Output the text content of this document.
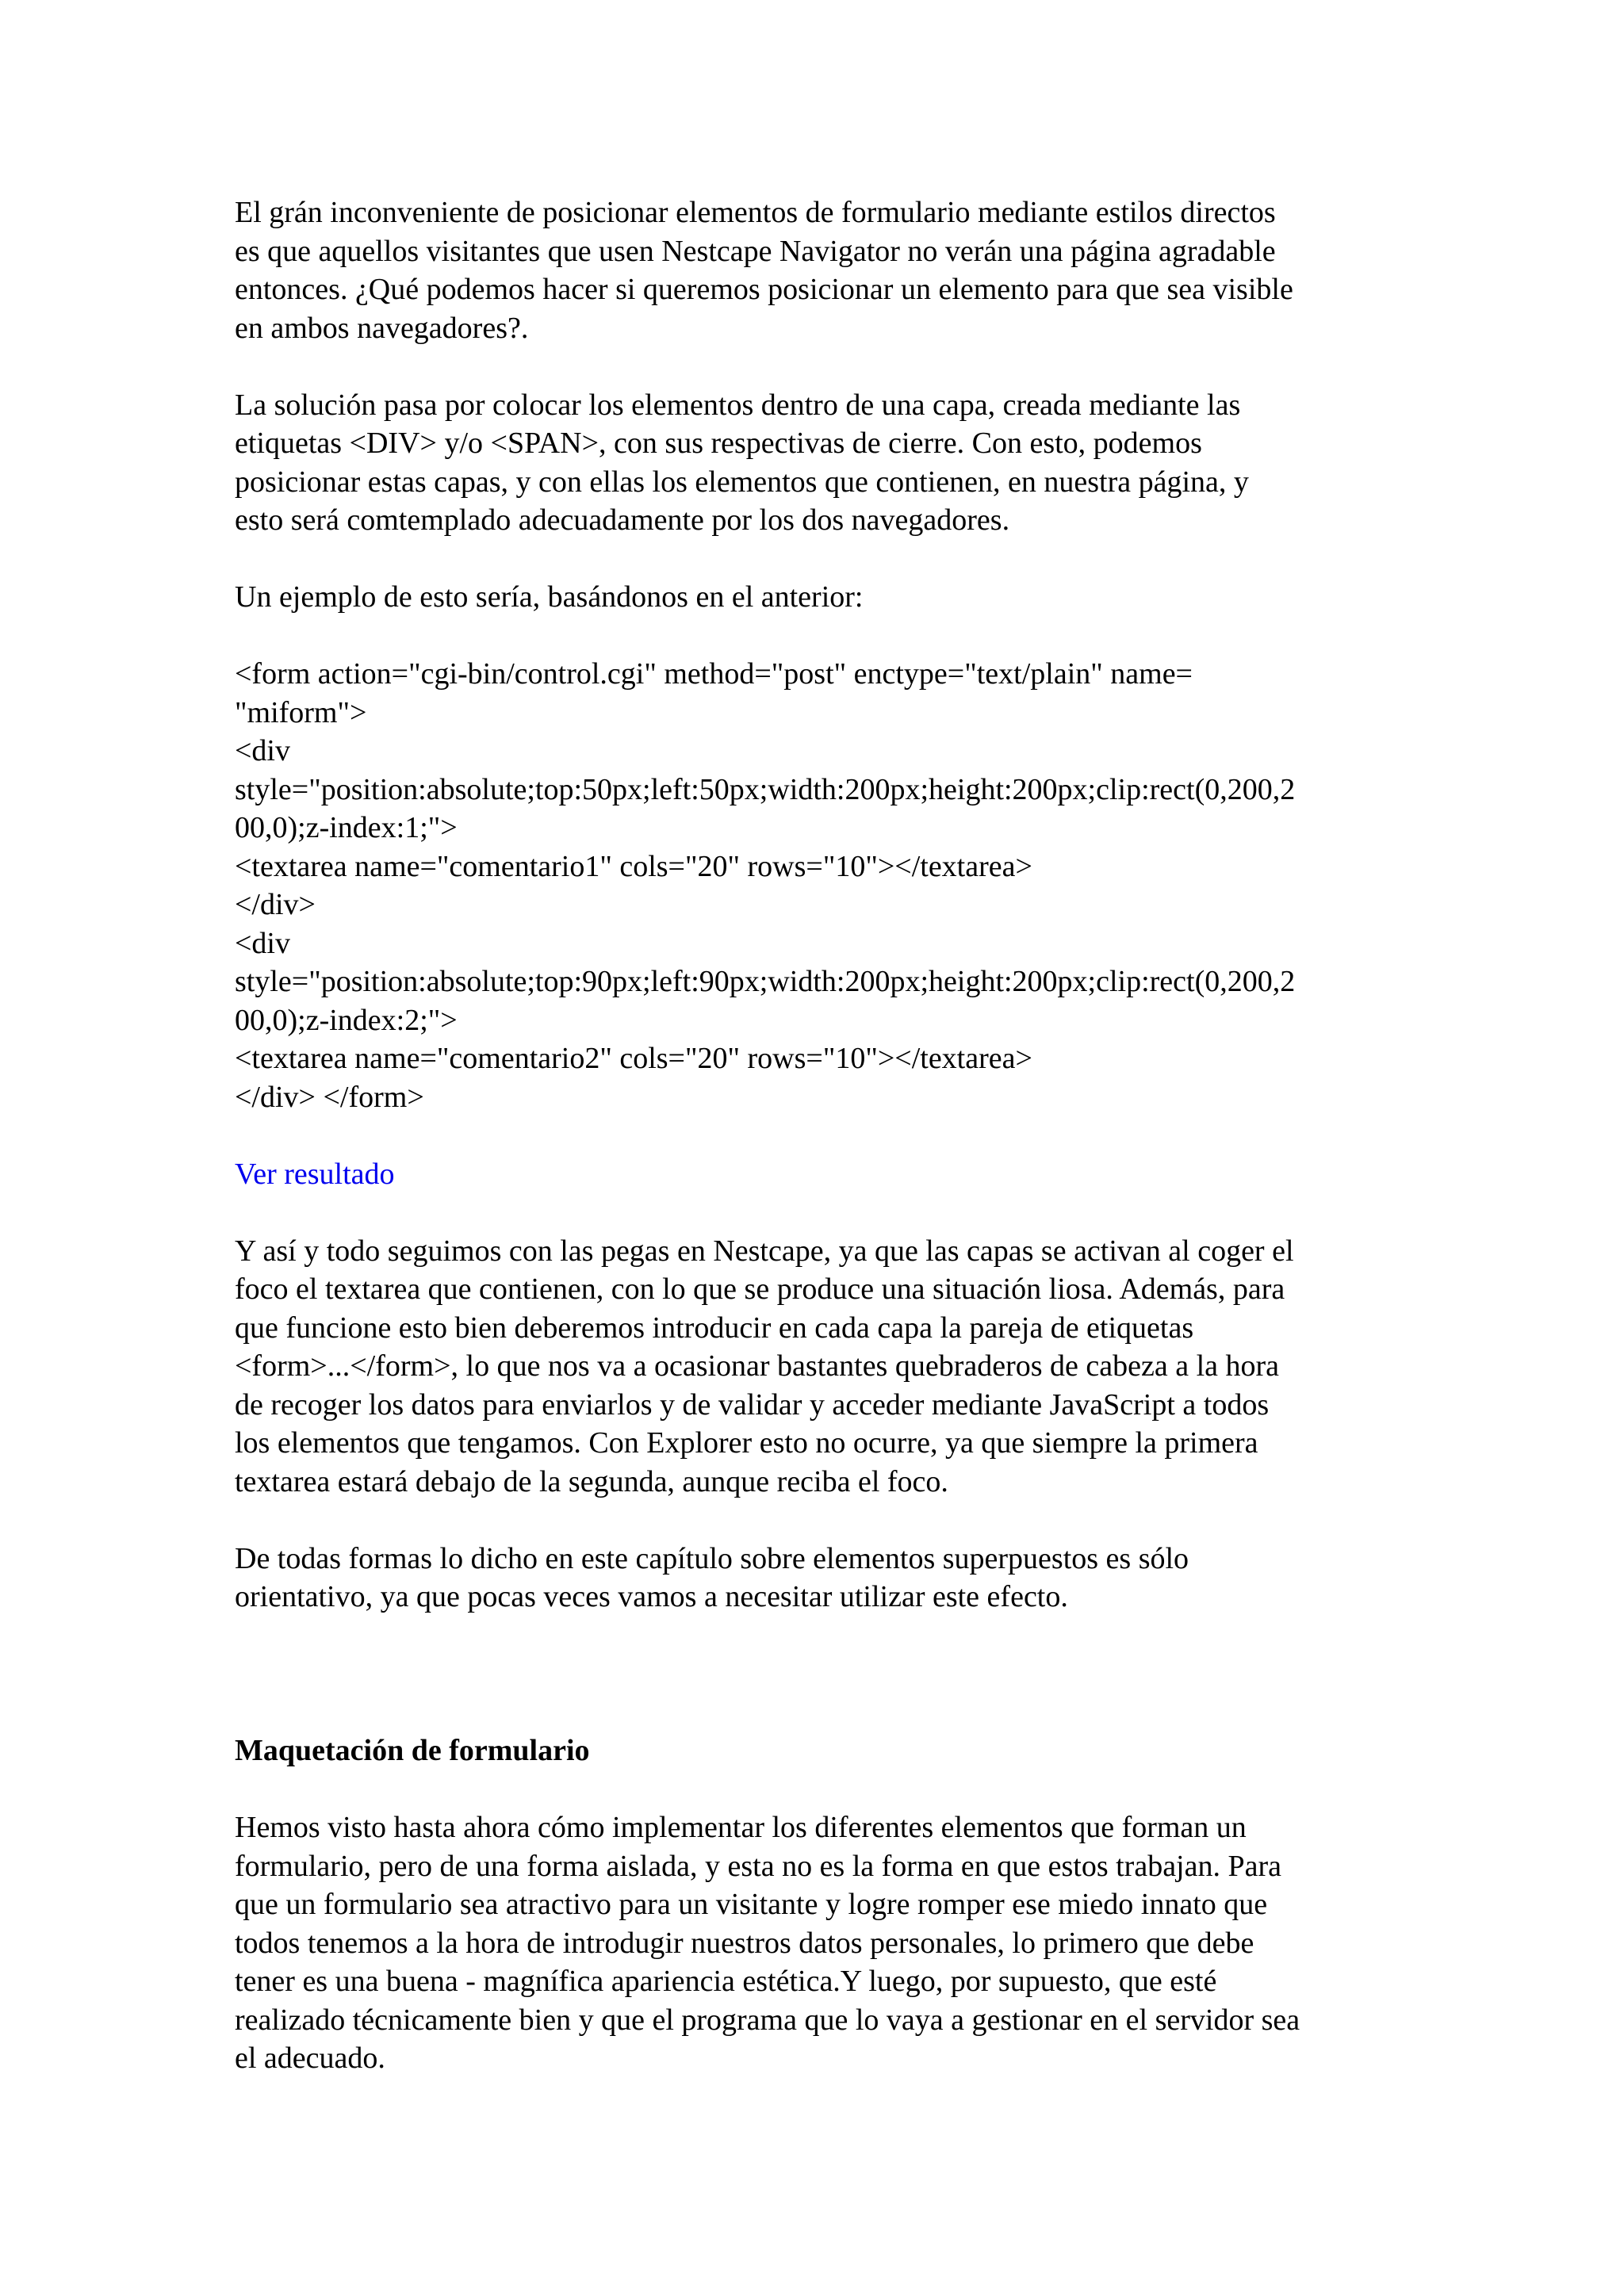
El grán inconveniente de posicionar elementos de formulario mediante estilos directos
es que aquellos visitantes que usen Nestcape Navigator no verán una página agradable
entonces. ¿Qué podemos hacer si queremos posicionar un elemento para que sea visible
en ambos navegadores?.

La solución pasa por colocar los elementos dentro de una capa, creada mediante las
etiquetas <DIV> y/o <SPAN>, con sus respectivas de cierre. Con esto, podemos
posicionar estas capas, y con ellas los elementos que contienen, en nuestra página, y
esto será comtemplado adecuadamente por los dos navegadores.

Un ejemplo de esto sería, basándonos en el anterior:

<form action="cgi-bin/control.cgi" method="post" enctype="text/plain" name=
"miform">
<div
style="position:absolute;top:50px;left:50px;width:200px;height:200px;clip:rect(0,200,2
00,0);z-index:1;">
<textarea name="comentario1" cols="20" rows="10"></textarea>
</div>
<div
style="position:absolute;top:90px;left:90px;width:200px;height:200px;clip:rect(0,200,2
00,0);z-index:2;">
<textarea name="comentario2" cols="20" rows="10"></textarea>
</div> </form>
Ver resultado

Y así y todo seguimos con las pegas en Nestcape, ya que las capas se activan al coger el
foco el textarea que contienen, con lo que se produce una situación liosa. Además, para
que funcione esto bien deberemos introducir en cada capa la pareja de etiquetas
<form>...</form>, lo que nos va a ocasionar bastantes quebraderos de cabeza a la hora
de recoger los datos para enviarlos y de validar y acceder mediante JavaScript a todos
los elementos que tengamos. Con Explorer esto no ocurre, ya que siempre la primera
textarea estará debajo de la segunda, aunque reciba el foco.

De todas formas lo dicho en este capítulo sobre elementos superpuestos es sólo
orientativo, ya que pocas veces vamos a necesitar utilizar este efecto.

Maquetación de formulario

Hemos visto hasta ahora cómo implementar los diferentes elementos que forman un
formulario, pero de una forma aislada, y esta no es la forma en que estos trabajan. Para
que un formulario sea atractivo para un visitante y logre romper ese miedo innato que
todos tenemos a la hora de introdugir nuestros datos personales, lo primero que debe
tener es una buena - magnífica apariencia estética.Y luego, por supuesto, que esté
realizado técnicamente bien y que el programa que lo vaya a gestionar en el servidor sea
el adecuado.
